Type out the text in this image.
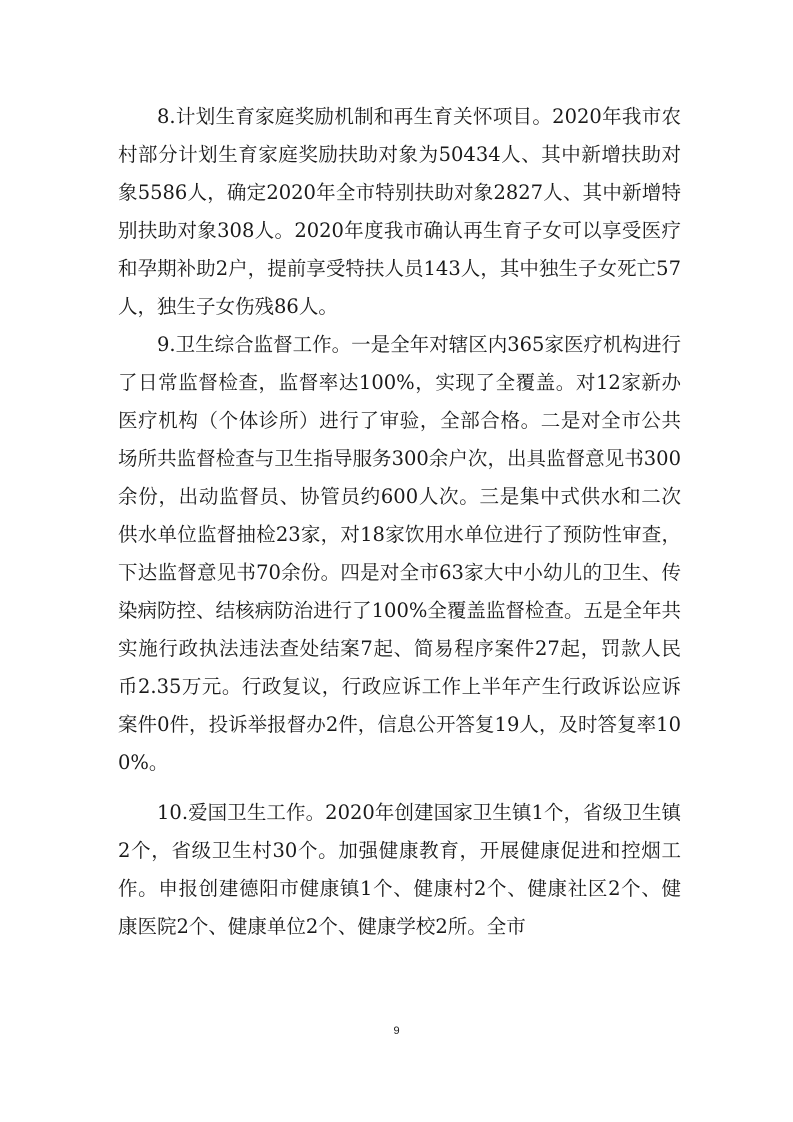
8.计划生育家庭奖励机制和再生育关怀项目。2020年我市农村部分计划生育家庭奖励扶助对象为50434人、其中新增扶助对象5586人，确定2020年全市特别扶助对象2827人、其中新增特别扶助对象308人。2020年度我市确认再生育子女可以享受医疗和孕期补助2户，提前享受特扶人员143人，其中独生子女死亡57人，独生子女伤残86人。

9.卫生综合监督工作。一是全年对辖区内365家医疗机构进行了日常监督检查，监督率达100%，实现了全覆盖。对12家新办医疗机构（个体诊所）进行了审验，全部合格。二是对全市公共场所共监督检查与卫生指导服务300余户次，出具监督意见书300余份，出动监督员、协管员约600人次。三是集中式供水和二次供水单位监督抽检23家，对18家饮用水单位进行了预防性审查，下达监督意见书70余份。四是对全市63家大中小幼儿的卫生、传染病防控、结核病防治进行了100%全覆盖监督检查。五是全年共实施行政执法违法查处结案7起、简易程序案件27起，罚款人民币2.35万元。行政复议，行政应诉工作上半年产生行政诉讼应诉案件0件，投诉举报督办2件，信息公开答复19人，及时答复率100%。

10.爱国卫生工作。2020年创建国家卫生镇1个，省级卫生镇2个，省级卫生村30个。加强健康教育，开展健康促进和控烟工作。申报创建德阳市健康镇1个、健康村2个、健康社区2个、健康医院2个、健康单位2个、健康学校2所。全市

9
